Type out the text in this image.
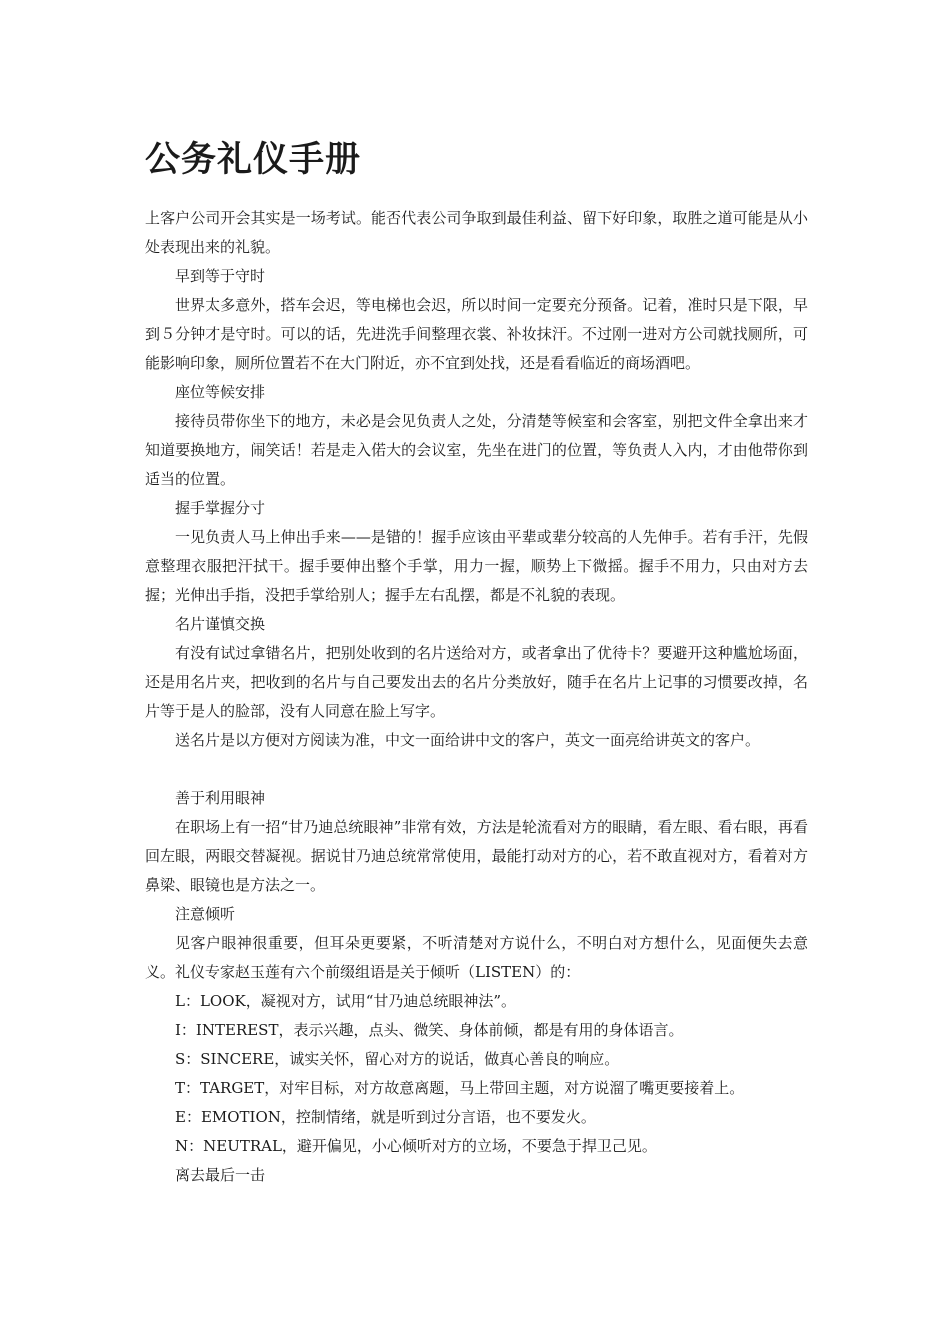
公务礼仪手册

上客户公司开会其实是一场考试。能否代表公司争取到最佳利益、留下好印象，取胜之道可能是从小处表现出来的礼貌。

早到等于守时

世界太多意外，搭车会迟，等电梯也会迟，所以时间一定要充分预备。记着，准时只是下限，早到５分钟才是守时。可以的话，先进洗手间整理衣裳、补妆抹汗。不过刚一进对方公司就找厕所，可能影响印象，厕所位置若不在大门附近，亦不宜到处找，还是看看临近的商场酒吧。

座位等候安排

接待员带你坐下的地方，未必是会见负责人之处，分清楚等候室和会客室，别把文件全拿出来才知道要换地方，闹笑话！若是走入偌大的会议室，先坐在进门的位置，等负责人入内，才由他带你到适当的位置。

握手掌握分寸

一见负责人马上伸出手来——是错的！握手应该由平辈或辈分较高的人先伸手。若有手汗，先假意整理衣服把汗拭干。握手要伸出整个手掌，用力一握，顺势上下微摇。握手不用力，只由对方去握；光伸出手指，没把手掌给别人；握手左右乱摆，都是不礼貌的表现。

名片谨慎交换

有没有试过拿错名片，把别处收到的名片送给对方，或者拿出了优待卡？要避开这种尴尬场面，还是用名片夹，把收到的名片与自己要发出去的名片分类放好，随手在名片上记事的习惯要改掉，名片等于是人的脸部，没有人同意在脸上写字。

送名片是以方便对方阅读为准，中文一面给讲中文的客户，英文一面亮给讲英文的客户。

善于利用眼神

在职场上有一招“甘乃迪总统眼神”非常有效，方法是轮流看对方的眼睛，看左眼、看右眼，再看回左眼，两眼交替凝视。据说甘乃迪总统常常使用，最能打动对方的心，若不敢直视对方，看着对方鼻梁、眼镜也是方法之一。

注意倾听

见客户眼神很重要，但耳朵更要紧，不听清楚对方说什么，不明白对方想什么，见面便失去意义。礼仪专家赵玉莲有六个前缀组语是关于倾听（LISTEN）的：

L：LOOK，凝视对方，试用“甘乃迪总统眼神法”。

I：INTEREST，表示兴趣，点头、微笑、身体前倾，都是有用的身体语言。

S：SINCERE，诚实关怀，留心对方的说话，做真心善良的响应。

T：TARGET，对牢目标，对方故意离题，马上带回主题，对方说溜了嘴更要接着上。

E：EMOTION，控制情绪，就是听到过分言语，也不要发火。

N：NEUTRAL，避开偏见，小心倾听对方的立场，不要急于捍卫己见。

离去最后一击
